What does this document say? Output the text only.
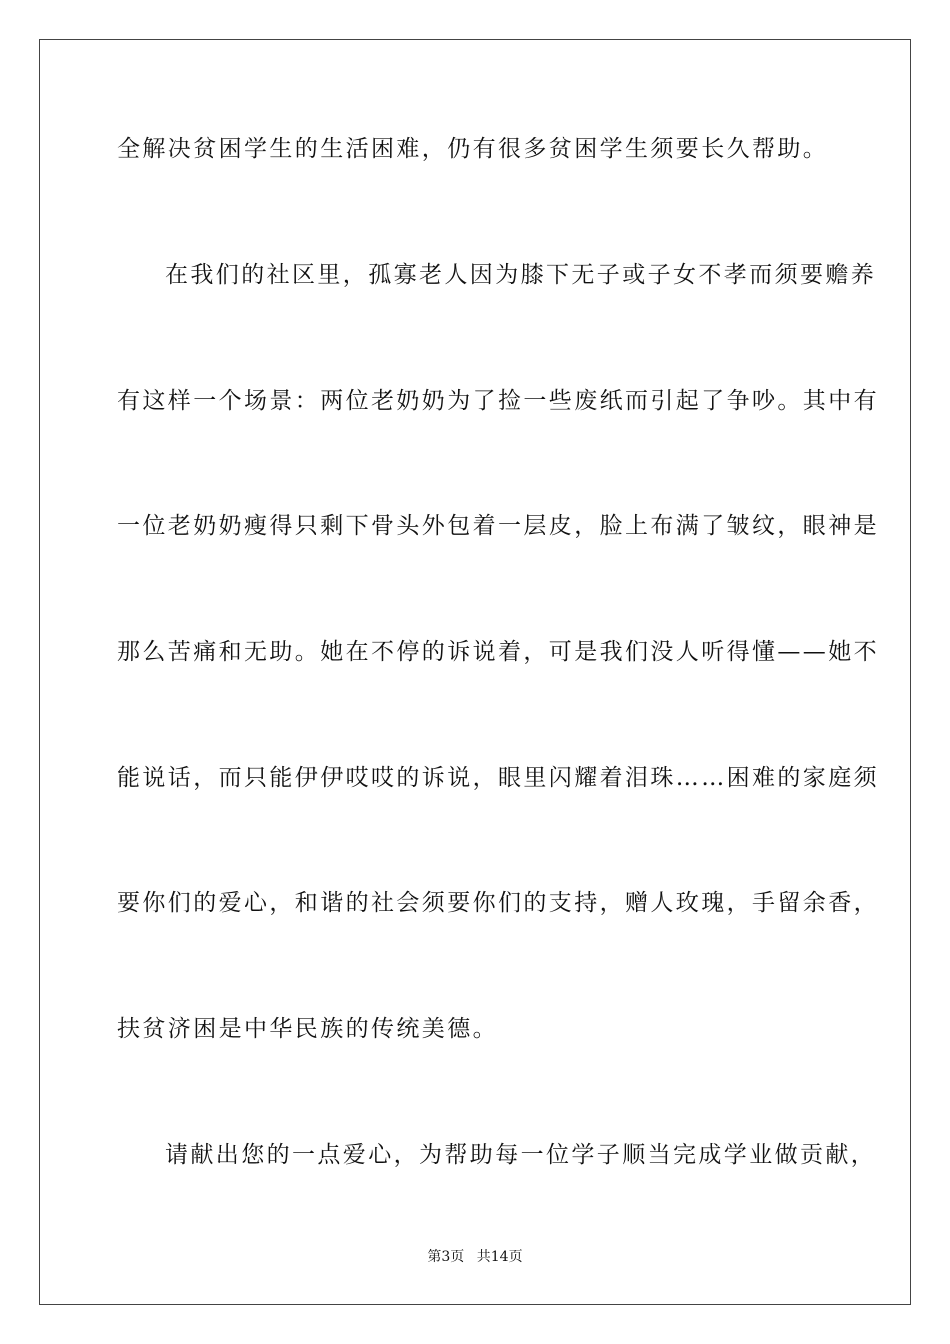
全解决贫困学生的生活困难，仍有很多贫困学生须要长久帮助。
在我们的社区里，孤寡老人因为膝下无子或子女不孝而须要赡养
有这样一个场景：两位老奶奶为了捡一些废纸而引起了争吵。其中有
一位老奶奶瘦得只剩下骨头外包着一层皮，脸上布满了皱纹，眼神是
那么苦痛和无助。她在不停的诉说着，可是我们没人听得懂——她不
能说话，而只能伊伊哎哎的诉说，眼里闪耀着泪珠……困难的家庭须
要你们的爱心，和谐的社会须要你们的支持，赠人玫瑰，手留余香，
扶贫济困是中华民族的传统美德。
请献出您的一点爱心，为帮助每一位学子顺当完成学业做贡献，
第3页 共14页
